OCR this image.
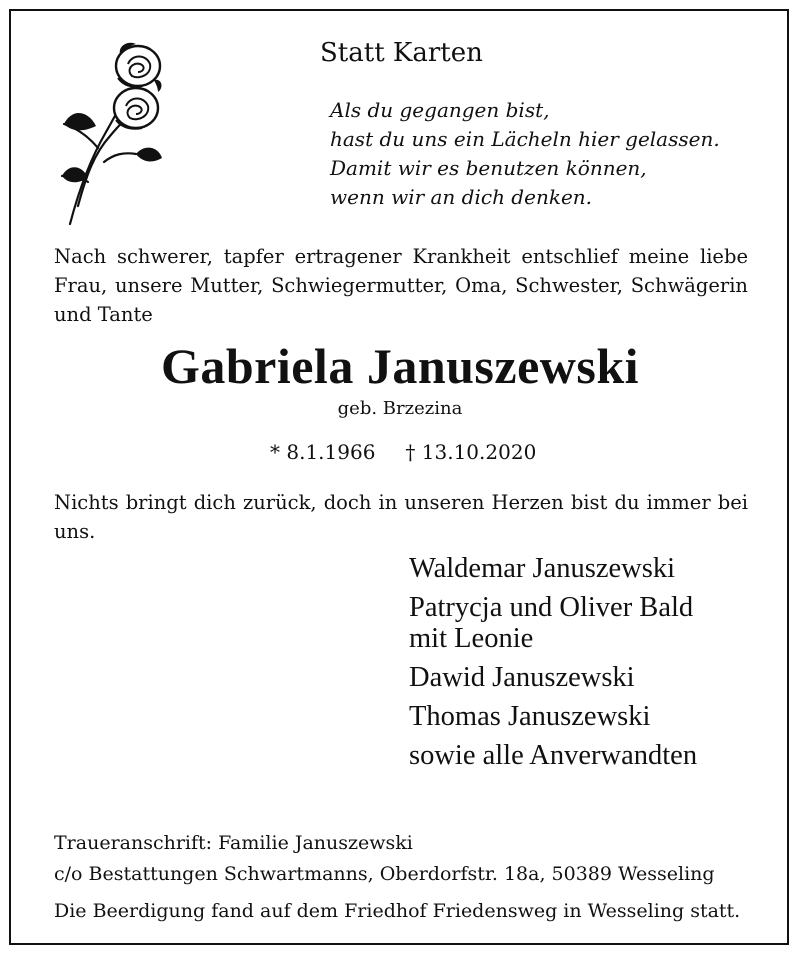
Statt Karten
Als du gegangen bist,
hast du uns ein Lächeln hier gelassen.
Damit wir es benutzen können,
wenn wir an dich denken.
Nach schwerer, tapfer ertragener Krankheit entschlief meine liebe Frau, unsere Mutter, Schwiegermutter, Oma, Schwester, Schwägerin und Tante
Gabriela Januszewski
geb. Brzezina
* 8.1.1966 † 13.10.2020
Nichts bringt dich zurück, doch in unseren Herzen bist du immer bei uns.
Waldemar Januszewski
Patrycja und Oliver Bald
mit Leonie
Dawid Januszewski
Thomas Januszewski
sowie alle Anverwandten
Traueranschrift: Familie Januszewski
c/o Bestattungen Schwartmanns, Oberdorfstr. 18a, 50389 Wesseling
Die Beerdigung fand auf dem Friedhof Friedensweg in Wesseling statt.
